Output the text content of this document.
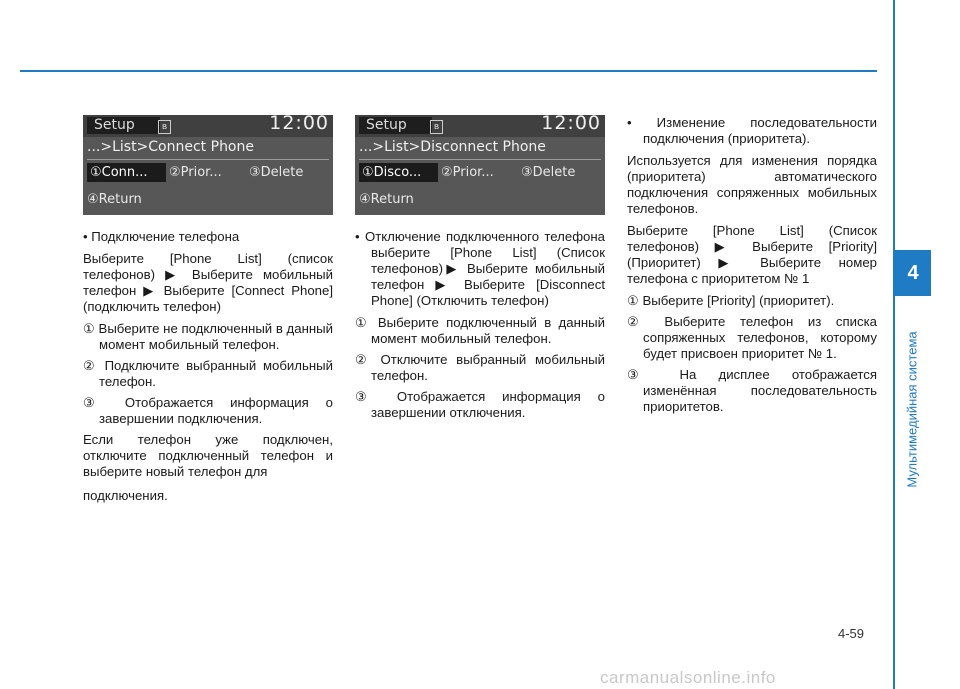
4
Мультимедийная система
Setup	ʙ	12:00
...>List>Connect Phone
①Conn...	②Prior... ③Delete
④Return

• Подключение телефона

Выберите [Phone List] (список телефонов) ▶ Выберите мобильный телефон ▶ Выберите [Connect Phone] (подключить телефон)

① Выберите не подключенный в данный момент мобильный телефон.

② Подключите выбранный мобильный телефон.

③ Отображается информация о завершении подключения.

Если телефон уже подключен, отключите подключенный телефон и выберите новый телефон для

подключения.

Setup	ʙ	12:00
...>List>Disconnect Phone
①Disco...	②Prior... ③Delete
④Return

• Отключение подключенного телефона выберите [Phone List] (Список телефонов)▶ Выберите мобильный телефон ▶ Выберите [Disconnect Phone] (Отключить телефон)

① Выберите подключенный в данный момент мобильный телефон.

② Отключите выбранный мобильный телефон.

③ Отображается информация о завершении отключения.

• Изменение последовательности подключения (приоритета).

Используется для изменения порядка (приоритета) автоматического подключения сопряженных мобильных телефонов.

Выберите [Phone List] (Список телефонов) ▶ Выберите [Priority] (Приоритет) ▶ Выберите номер телефона с приоритетом № 1

① Выберите [Priority] (приоритет).

② Выберите телефон из списка сопряженных телефонов, которому будет присвоен приоритет № 1.

③ На дисплее отображается изменённая последовательность приоритетов.

4-59
carmanualsonline.info
